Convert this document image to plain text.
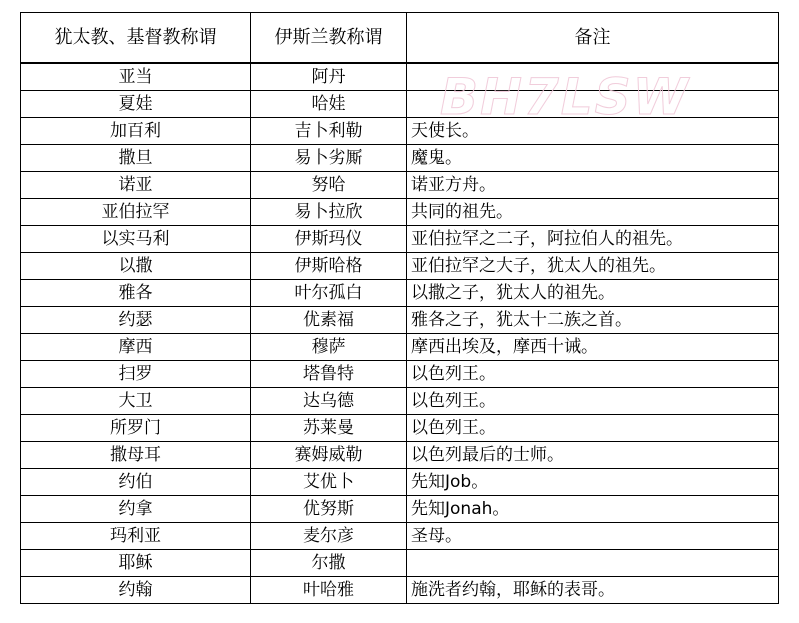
犹太教、基督教称谓	伊斯兰教称谓	备注
亚当	阿丹	
夏娃	哈娃	
加百利	吉卜利勒	天使长。
撒旦	易卜劣厮	魔鬼。
诺亚	努哈	诺亚方舟。
亚伯拉罕	易卜拉欣	共同的祖先。
以实马利	伊斯玛仪	亚伯拉罕之二子，阿拉伯人的祖先。
以撒	伊斯哈格	亚伯拉罕之大子，犹太人的祖先。
雅各	叶尔孤白	以撒之子，犹太人的祖先。
约瑟	优素福	雅各之子，犹太十二族之首。
摩西	穆萨	摩西出埃及，摩西十诫。
扫罗	塔鲁特	以色列王。
大卫	达乌德	以色列王。
所罗门	苏莱曼	以色列王。
撒母耳	赛姆威勒	以色列最后的士师。
约伯	艾优卜	先知Job。
约拿	优努斯	先知Jonah。
玛利亚	麦尔彦	圣母。
耶稣	尔撒	
约翰	叶哈雅	施洗者约翰，耶稣的表哥。
BH7LSW
